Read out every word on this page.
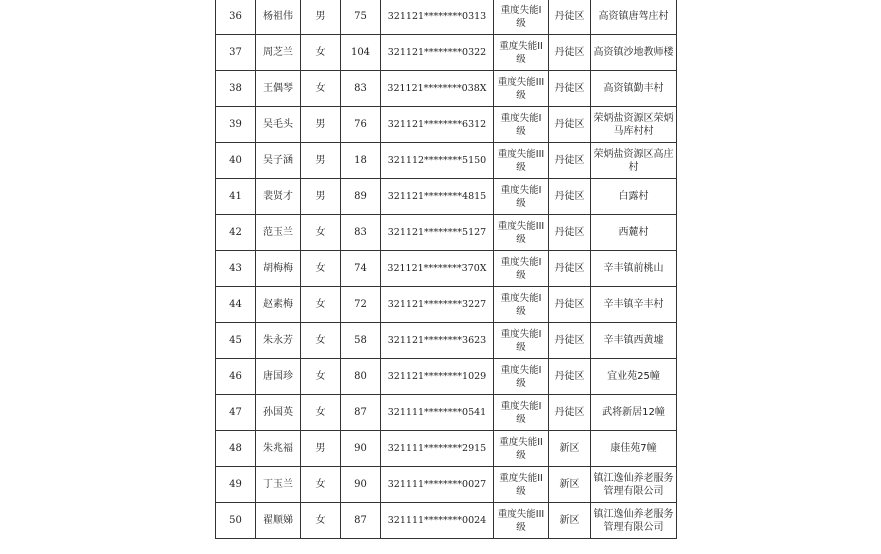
36	杨祖伟	男	75	321121********0313	重度失能I级	丹徒区	高资镇唐驾庄村
37	周芝兰	女	104	321121********0322	重度失能II级	丹徒区	高资镇沙地教师楼
38	王偶琴	女	83	321121********038X	重度失能III级	丹徒区	高资镇勤丰村
39	吴毛头	男	76	321121********6312	重度失能I级	丹徒区	荣炳盐资源区荣炳马库村村
40	吴子涵	男	18	321112********5150	重度失能III级	丹徒区	荣炳盐资源区高庄村
41	裴贤才	男	89	321121********4815	重度失能I级	丹徒区	白露村
42	范玉兰	女	83	321121********5127	重度失能III级	丹徒区	西麓村
43	胡梅梅	女	74	321121********370X	重度失能I级	丹徒区	辛丰镇前桃山
44	赵素梅	女	72	321121********3227	重度失能I级	丹徒区	辛丰镇辛丰村
45	朱永芳	女	58	321121********3623	重度失能I级	丹徒区	辛丰镇西黄墟
46	唐国珍	女	80	321121********1029	重度失能I级	丹徒区	宜业苑25幢
47	孙国英	女	87	321111********0541	重度失能I级	丹徒区	武将新居12幢
48	朱兆福	男	90	321111********2915	重度失能II级	新区	康佳苑7幢
49	丁玉兰	女	90	321111********0027	重度失能II级	新区	镇江逸仙养老服务管理有限公司
50	翟顺娣	女	87	321111********0024	重度失能III级	新区	镇江逸仙养老服务管理有限公司
